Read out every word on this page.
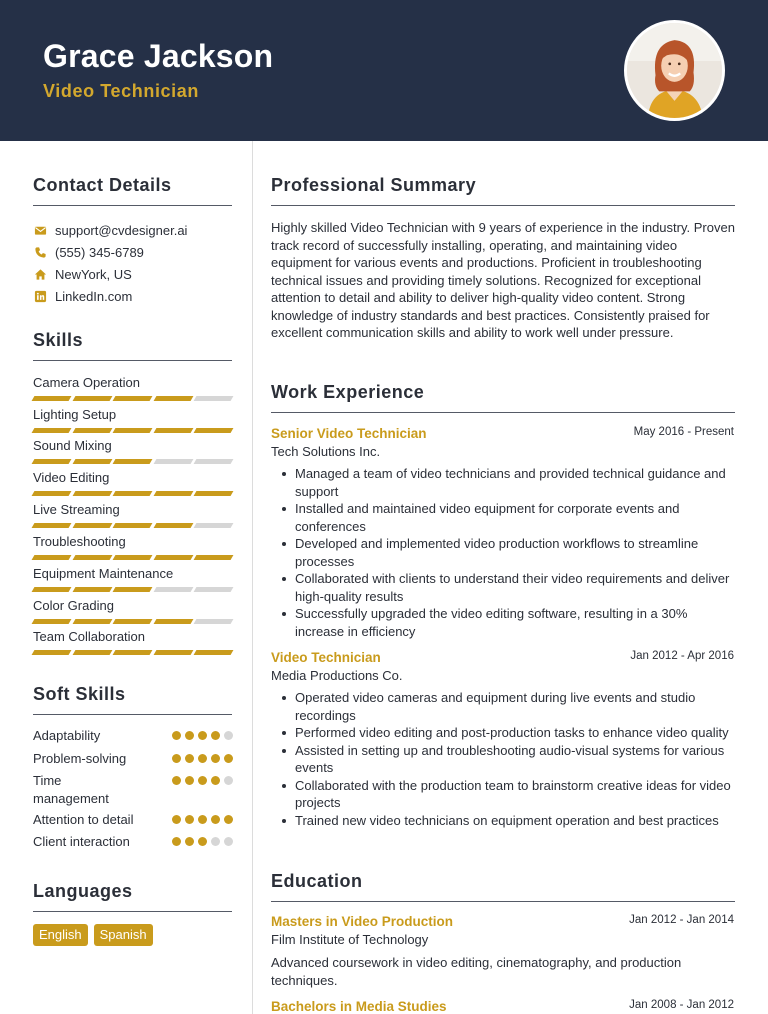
Grace Jackson
Video Technician
Contact Details
support@cvdesigner.ai
(555) 345-6789
NewYork, US
LinkedIn.com
Skills
Camera Operation
Lighting Setup
Sound Mixing
Video Editing
Live Streaming
Troubleshooting
Equipment Maintenance
Color Grading
Team Collaboration
Soft Skills
Adaptability
Problem-solving
Time management
Attention to detail
Client interaction
Languages
English	Spanish
Professional Summary
Highly skilled Video Technician with 9 years of experience in the industry. Proven track record of successfully installing, operating, and maintaining video equipment for various events and productions. Proficient in troubleshooting technical issues and providing timely solutions. Recognized for exceptional attention to detail and ability to deliver high-quality video content. Strong knowledge of industry standards and best practices. Consistently praised for excellent communication skills and ability to work well under pressure.
Work Experience
Senior Video Technician	May 2016 - Present
Tech Solutions Inc.
Managed a team of video technicians and provided technical guidance and support
Installed and maintained video equipment for corporate events and conferences
Developed and implemented video production workflows to streamline processes
Collaborated with clients to understand their video requirements and deliver high-quality results
Successfully upgraded the video editing software, resulting in a 30% increase in efficiency
Video Technician	Jan 2012 - Apr 2016
Media Productions Co.
Operated video cameras and equipment during live events and studio recordings
Performed video editing and post-production tasks to enhance video quality
Assisted in setting up and troubleshooting audio-visual systems for various events
Collaborated with the production team to brainstorm creative ideas for video projects
Trained new video technicians on equipment operation and best practices
Education
Masters in Video Production	Jan 2012 - Jan 2014
Film Institute of Technology
Advanced coursework in video editing, cinematography, and production techniques.
Bachelors in Media Studies	Jan 2008 - Jan 2012
